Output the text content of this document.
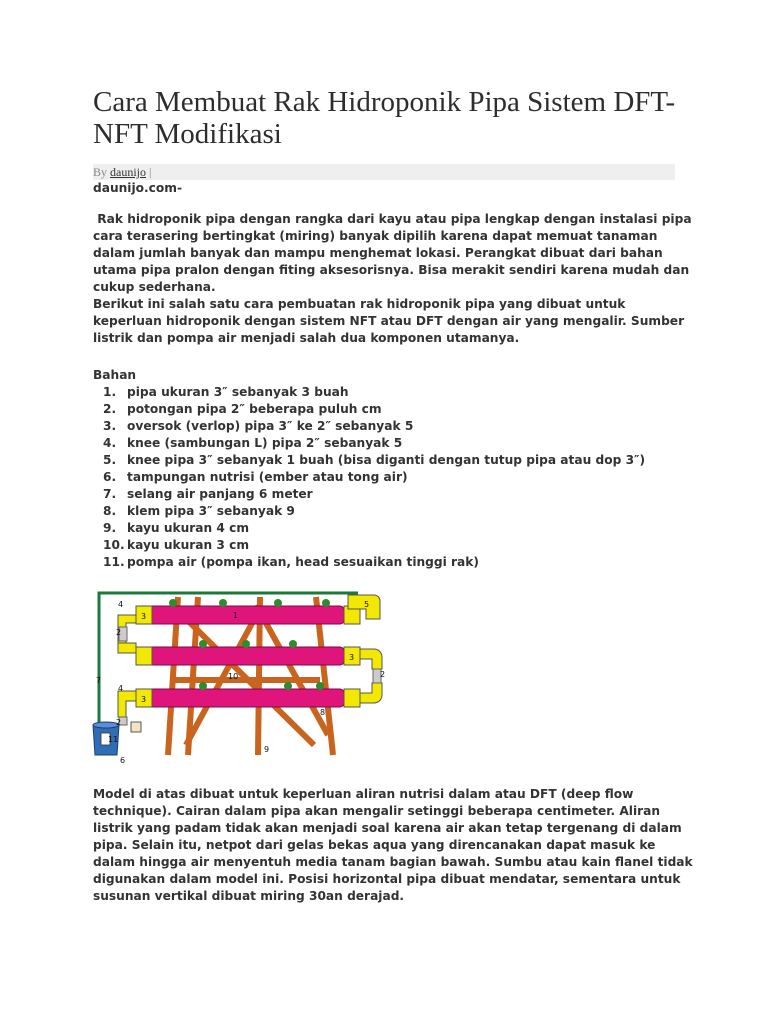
Cara Membuat Rak Hidroponik Pipa Sistem DFT-NFT Modifikasi
By daunijo |
daunijo.com-

Rak hidroponik pipa dengan rangka dari kayu atau pipa lengkap dengan instalasi pipa cara terasering bertingkat (miring) banyak dipilih karena dapat memuat tanaman dalam jumlah banyak dan mampu menghemat lokasi. Perangkat dibuat dari bahan utama pipa pralon dengan fiting aksesorisnya. Bisa merakit sendiri karena mudah dan cukup sederhana.

Berikut ini salah satu cara pembuatan rak hidroponik pipa yang dibuat untuk keperluan hidroponik dengan sistem NFT atau DFT dengan air yang mengalir. Sumber listrik dan pompa air menjadi salah dua komponen utamanya.

Bahan
1. pipa ukuran 3″ sebanyak 3 buah
2. potongan pipa 2″ beberapa puluh cm
3. oversok (verlop) pipa 3″ ke 2″ sebanyak 5
4. knee (sambungan L) pipa 2″ sebanyak 5
5. knee pipa 3″ sebanyak 1 buah (bisa diganti dengan tutup pipa atau dop 3″)
6. tampungan nutrisi (ember atau tong air)
7. selang air panjang 6 meter
8. klem pipa 3″ sebanyak 9
9. kayu ukuran 4 cm
10. kayu ukuran 3 cm
11. pompa air (pompa ikan, head sesuaikan tinggi rak)
1
2
2
2
3
3
3
4
4
5
6
7
8
9
10
11

Model di atas dibuat untuk keperluan aliran nutrisi dalam atau DFT (deep flow technique). Cairan dalam pipa akan mengalir setinggi beberapa centimeter. Aliran listrik yang padam tidak akan menjadi soal karena air akan tetap tergenang di dalam pipa. Selain itu, netpot dari gelas bekas aqua yang direncanakan dapat masuk ke dalam hingga air menyentuh media tanam bagian bawah. Sumbu atau kain flanel tidak digunakan dalam model ini. Posisi horizontal pipa dibuat mendatar, sementara untuk susunan vertikal dibuat miring 30an derajad.
